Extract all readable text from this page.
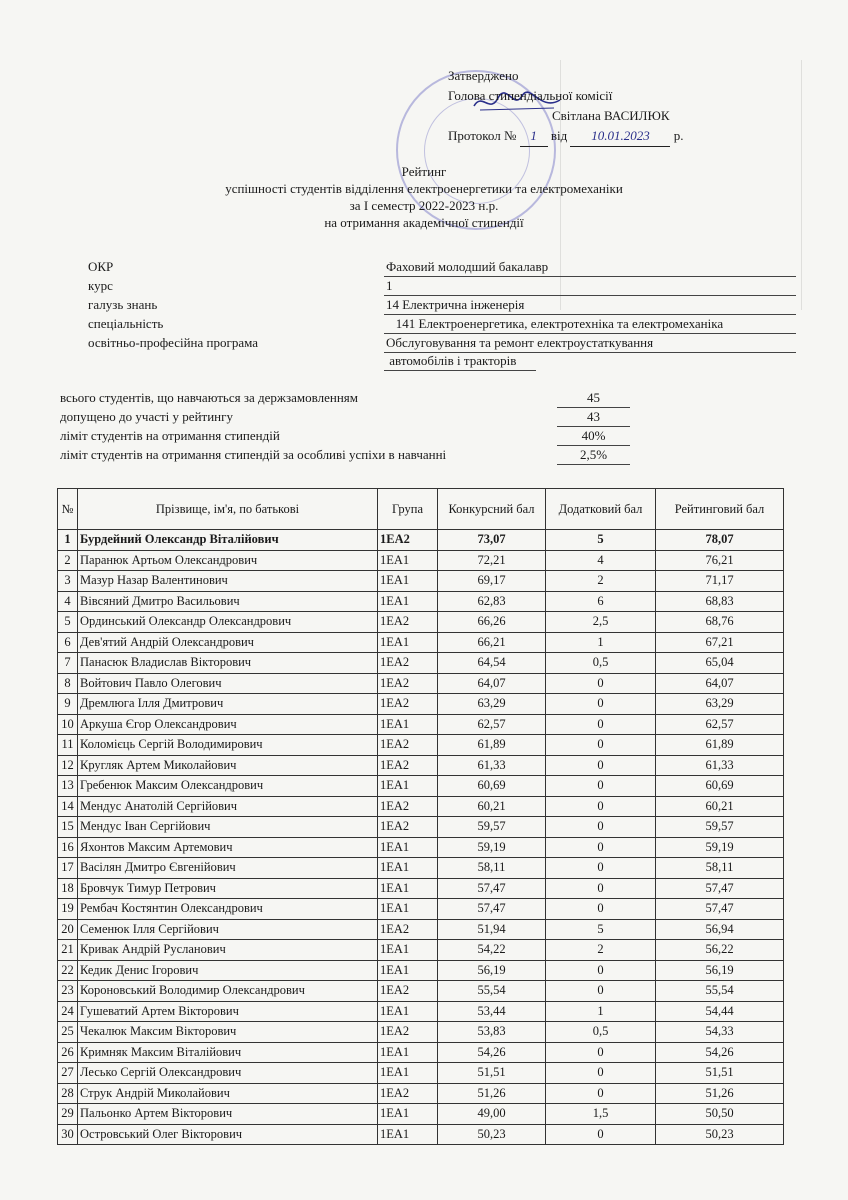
Затверджено
Голова стипендіальної комісії
Світлана ВАСИЛЮК
Протокол № 1 від 10.01.2023 р.
Рейтинг
успішності студентів відділення електроенергетики та електромеханіки
за I семестр 2022-2023 н.р.
на отримання академічної стипендії
ОКР	Фаховий молодший бакалавр
курс	1
галузь знань	14 Електрична інженерія
спеціальність	141 Електроенергетика, електротехніка та електромеханіка
освітньо-професійна програма	Обслуговування та ремонт електроустаткування
автомобілів і тракторів
всього студентів, що навчаються за держзамовленням	45
допущено до участі у рейтингу	43
ліміт студентів на отримання стипендій	40%
ліміт студентів на отримання стипендій за особливі успіхи в навчанні	2,5%
№	Прізвище, ім'я, по батькові	Група	Конкурсний бал	Додатковий бал	Рейтинговий бал
1	Бурдейний Олександр Віталійович	1ЕА2	73,07	5	78,07
2	Паранюк Артьом Олександрович	1ЕА1	72,21	4	76,21
3	Мазур Назар Валентинович	1ЕА1	69,17	2	71,17
4	Вівсяний Дмитро Васильович	1ЕА1	62,83	6	68,83
5	Ординський Олександр Олександрович	1ЕА2	66,26	2,5	68,76
6	Дев'ятий Андрій Олександрович	1ЕА1	66,21	1	67,21
7	Панасюк Владислав Вікторович	1ЕА2	64,54	0,5	65,04
8	Войтович Павло Олегович	1ЕА2	64,07	0	64,07
9	Дремлюга Ілля Дмитрович	1ЕА2	63,29	0	63,29
10	Аркуша Єгор Олександрович	1ЕА1	62,57	0	62,57
11	Коломієць Сергій Володимирович	1ЕА2	61,89	0	61,89
12	Кругляк Артем Миколайович	1ЕА2	61,33	0	61,33
13	Гребенюк Максим Олександрович	1ЕА1	60,69	0	60,69
14	Мендус Анатолій Сергійович	1ЕА2	60,21	0	60,21
15	Мендус Іван Сергійович	1ЕА2	59,57	0	59,57
16	Яхонтов Максим Артемович	1ЕА1	59,19	0	59,19
17	Васілян Дмитро Євгенійович	1ЕА1	58,11	0	58,11
18	Бровчук Тимур Петрович	1ЕА1	57,47	0	57,47
19	Рембач Костянтин Олександрович	1ЕА1	57,47	0	57,47
20	Семенюк Ілля Сергійович	1ЕА2	51,94	5	56,94
21	Кривак Андрій Русланович	1ЕА1	54,22	2	56,22
22	Кедик Денис Ігорович	1ЕА1	56,19	0	56,19
23	Короновський Володимир Олександрович	1ЕА2	55,54	0	55,54
24	Гушеватий Артем Вікторович	1ЕА1	53,44	1	54,44
25	Чекалюк Максим Вікторович	1ЕА2	53,83	0,5	54,33
26	Кримняк Максим Віталійович	1ЕА1	54,26	0	54,26
27	Лесько Сергій Олександрович	1ЕА1	51,51	0	51,51
28	Струк Андрій Миколайович	1ЕА2	51,26	0	51,26
29	Пальонко Артем Вікторович	1ЕА1	49,00	1,5	50,50
30	Островський Олег Вікторович	1ЕА1	50,23	0	50,23
